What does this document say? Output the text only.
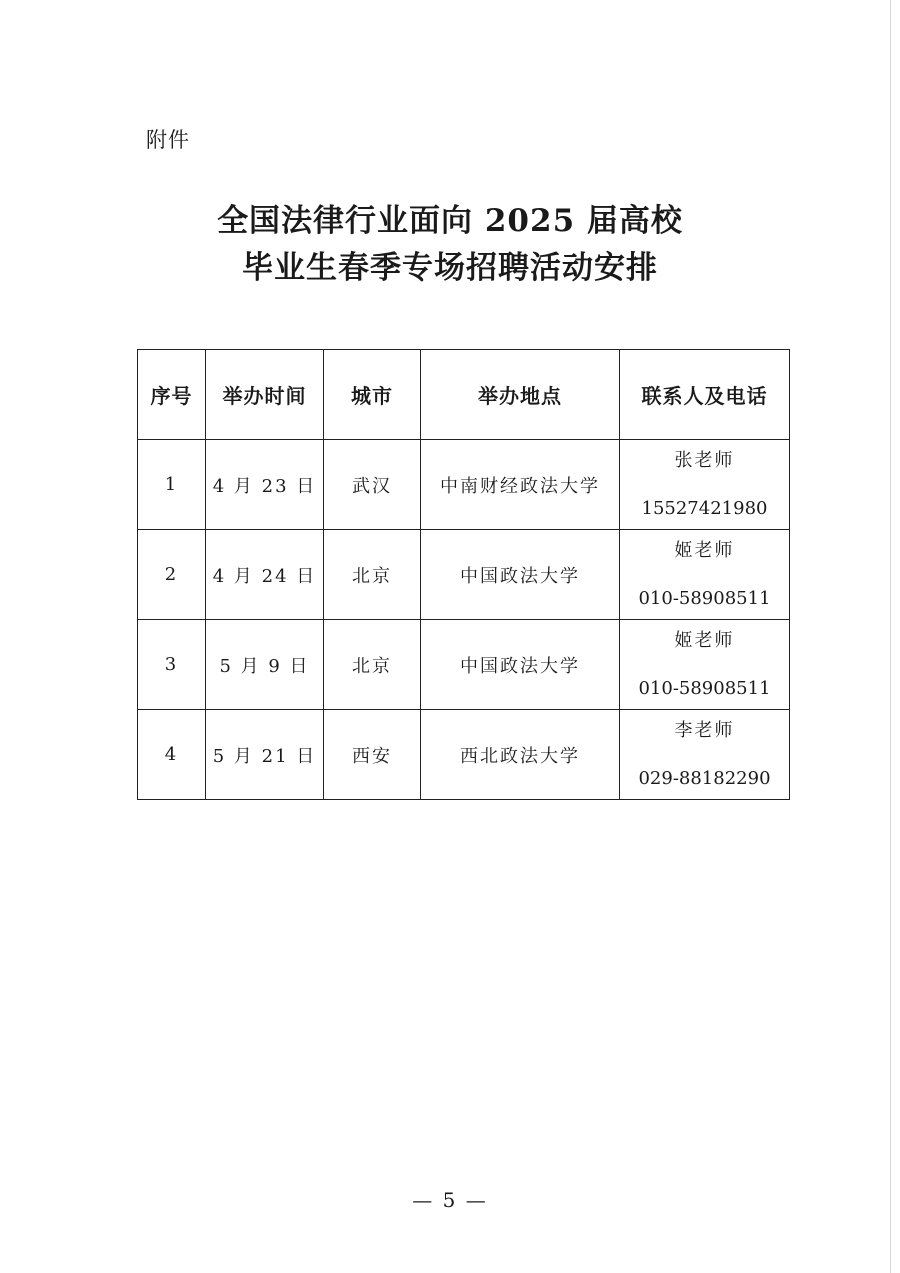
附件
全国法律行业面向 2025 届高校
毕业生春季专场招聘活动安排
序号	举办时间	城市	举办地点	联系人及电话
1	4 月 23 日	武汉	中南财经政法大学	张老师
15527421980

2	4 月 24 日	北京	中国政法大学	姬老师
010-58908511

3	5 月 9 日	北京	中国政法大学	姬老师
010-58908511

4	5 月 21 日	西安	西北政法大学	李老师
029-88182290
— 5 —
